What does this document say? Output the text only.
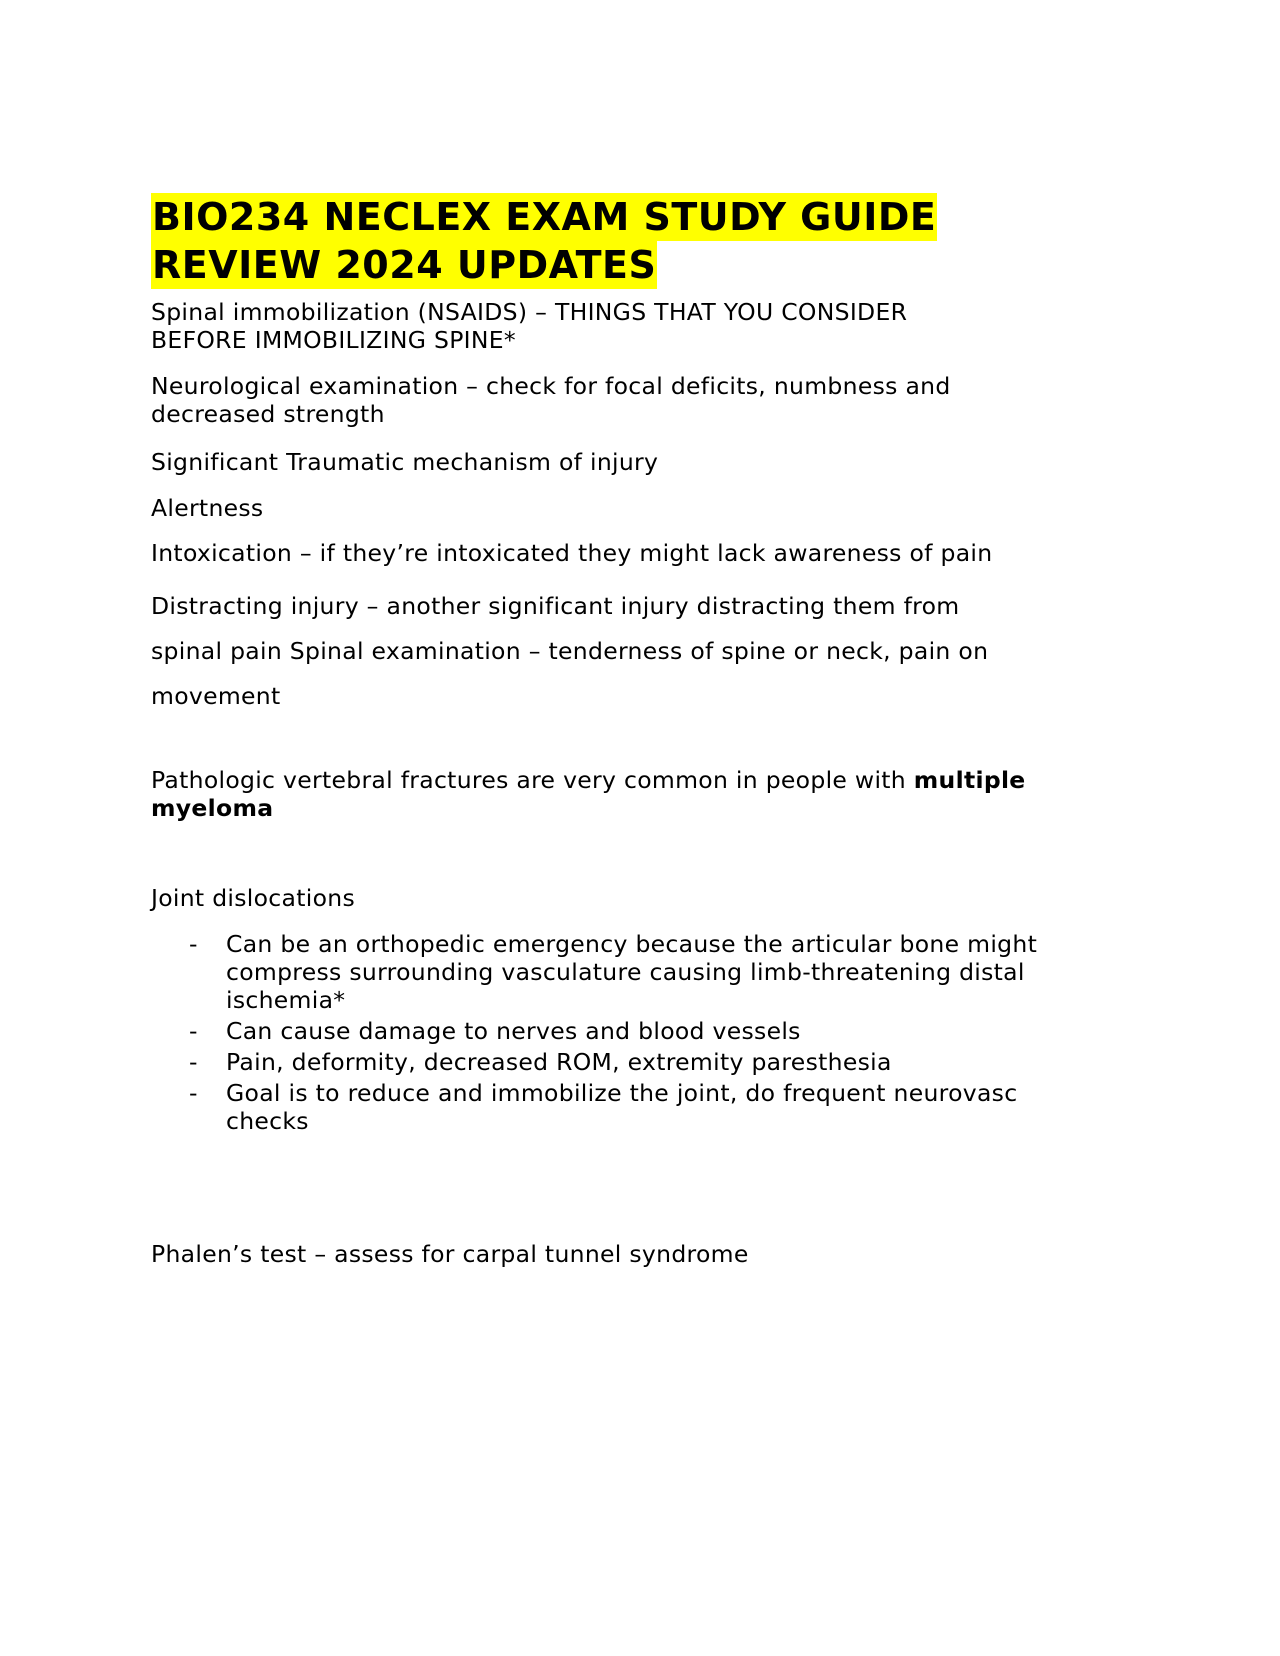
BIO234 NECLEX EXAM STUDY GUIDE
REVIEW 2024 UPDATES

Spinal immobilization (NSAIDS) – THINGS THAT YOU CONSIDER
BEFORE IMMOBILIZING SPINE*

Neurological examination – check for focal deficits, numbness and
decreased strength

Significant Traumatic mechanism of injury

Alertness

Intoxication – if they’re intoxicated they might lack awareness of pain

Distracting injury – another significant injury distracting them from
spinal pain Spinal examination – tenderness of spine or neck, pain on
movement

Pathologic vertebral fractures are very common in people with multiple
myeloma

Joint dislocations

- Can be an orthopedic emergency because the articular bone might
compress surrounding vasculature causing limb-threatening distal
ischemia*
- Can cause damage to nerves and blood vessels
- Pain, deformity, decreased ROM, extremity paresthesia
- Goal is to reduce and immobilize the joint, do frequent neurovasc
checks

Phalen’s test – assess for carpal tunnel syndrome
